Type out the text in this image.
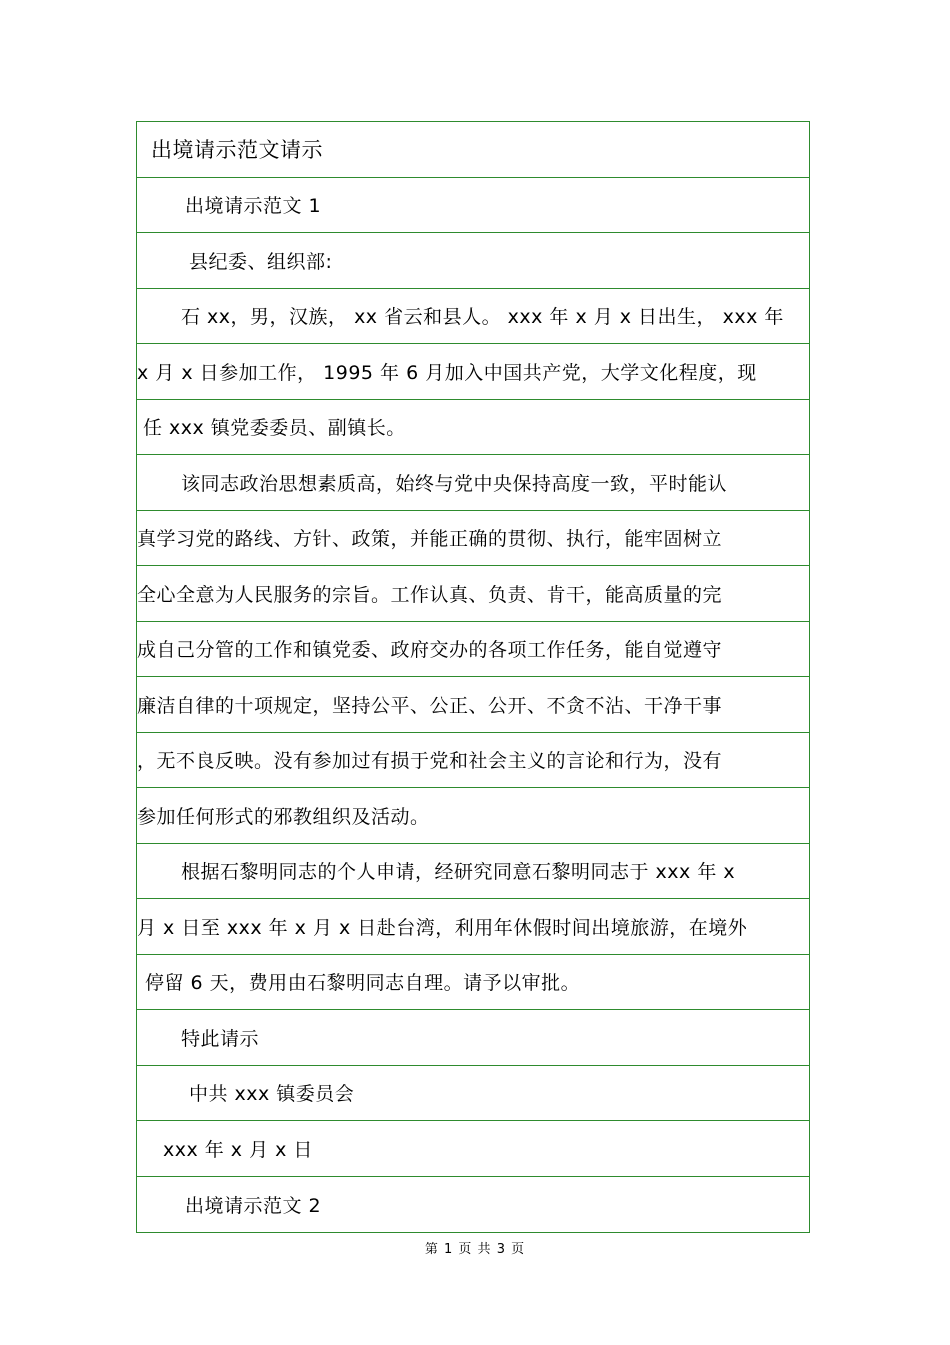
出境请示范文请示
出境请示范文 1
县纪委、组织部:
石 xx，男，汉族， xx 省云和县人。 xxx 年 x 月 x 日出生， xxx 年
x 月 x 日参加工作， 1995 年 6 月加入中国共产党，大学文化程度，现
任 xxx 镇党委委员、副镇长。
该同志政治思想素质高，始终与党中央保持高度一致，平时能认
真学习党的路线、方针、政策，并能正确的贯彻、执行，能牢固树立
全心全意为人民服务的宗旨。工作认真、负责、肯干，能高质量的完
成自己分管的工作和镇党委、政府交办的各项工作任务，能自觉遵守
廉洁自律的十项规定，坚持公平、公正、公开、不贪不沾、干净干事
，无不良反映。没有参加过有损于党和社会主义的言论和行为，没有
参加任何形式的邪教组织及活动。
根据石黎明同志的个人申请，经研究同意石黎明同志于 xxx 年 x
月 x 日至 xxx 年 x 月 x 日赴台湾，利用年休假时间出境旅游，在境外
停留 6 天，费用由石黎明同志自理。请予以审批。
特此请示
中共 xxx 镇委员会
xxx 年 x 月 x 日
出境请示范文 2
第 1 页 共 3 页
